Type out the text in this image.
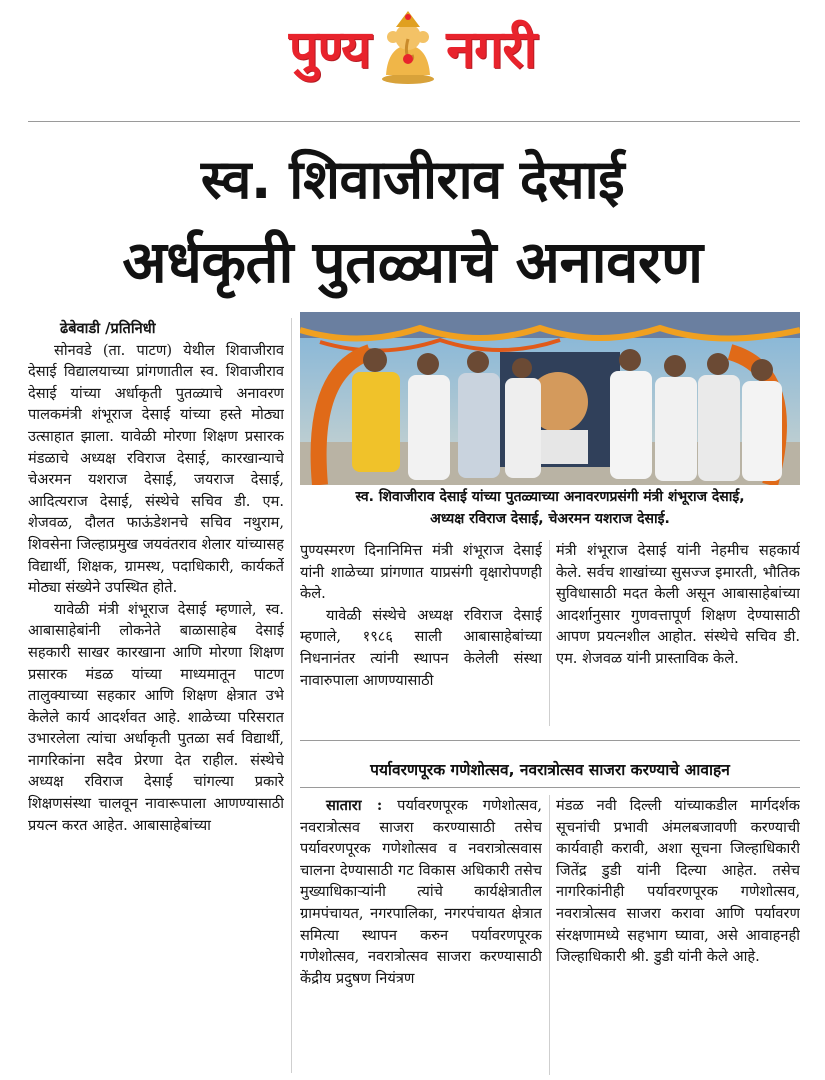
पुण्य नगरी
स्व. शिवाजीराव देसाई
अर्धकृती पुतळ्याचे अनावरण

ढेबेवाडी /प्रतिनिधी

सोनवडे (ता. पाटण) येथील शिवाजीराव देसाई विद्यालयाच्या प्रांगणातील स्व. शिवाजीराव देसाई यांच्या अर्धाकृती पुतळ्याचे अनावरण पालकमंत्री शंभूराज देसाई यांच्या हस्ते मोठ्या उत्साहात झाला. यावेळी मोरणा शिक्षण प्रसारक मंडळाचे अध्यक्ष रविराज देसाई, कारखान्याचे चेअरमन यशराज देसाई, जयराज देसाई, आदित्यराज देसाई, संस्थेचे सचिव डी. एम. शेजवळ, दौलत फाऊंडेशनचे सचिव नथुराम, शिवसेना जिल्हाप्रमुख जयवंतराव शेलार यांच्यासह विद्यार्थी, शिक्षक, ग्रामस्थ, पदाधिकारी, कार्यकर्ते मोठ्या संख्येने उपस्थित होते.

यावेळी मंत्री शंभूराज देसाई म्हणाले, स्व. आबासाहेबांनी लोकनेते बाळासाहेब देसाई सहकारी साखर कारखाना आणि मोरणा शिक्षण प्रसारक मंडळ यांच्या माध्यमातून पाटण तालुक्याच्या सहकार आणि शिक्षण क्षेत्रात उभे केलेले कार्य आदर्शवत आहे. शाळेच्या परिसरात उभारलेला त्यांचा अर्धाकृती पुतळा सर्व विद्यार्थी, नागरिकांना सदैव प्रेरणा देत राहील. संस्थेचे अध्यक्ष रविराज देसाई चांगल्या प्रकारे शिक्षणसंस्था चालवून नावारूपाला आणण्यासाठी प्रयत्न करत आहेत. आबासाहेबांच्या

स्व. शिवाजीराव देसाई यांच्या पुतळ्याच्या अनावरणप्रसंगी मंत्री शंभूराज देसाई,
अध्यक्ष रविराज देसाई, चेअरमन यशराज देसाई.

पुण्यस्मरण दिनानिमित्त मंत्री शंभूराज देसाई यांनी शाळेच्या प्रांगणात याप्रसंगी वृक्षारोपणही केले.

यावेळी संस्थेचे अध्यक्ष रविराज देसाई म्हणाले, १९८६ साली आबासाहेबांच्या निधनानंतर त्यांनी स्थापन केलेली संस्था नावारुपाला आणण्यासाठी

मंत्री शंभूराज देसाई यांनी नेहमीच सहकार्य केले. सर्वच शाखांच्या सुसज्ज इमारती, भौतिक सुविधासाठी मदत केली असून आबासाहेबांच्या आदर्शानुसार गुणवत्तापूर्ण शिक्षण देण्यासाठी आपण प्रयत्नशील आहोत. संस्थेचे सचिव डी. एम. शेजवळ यांनी प्रास्ताविक केले.

पर्यावरणपूरक गणेशोत्सव, नवरात्रोत्सव साजरा करण्याचे आवाहन

सातारा : पर्यावरणपूरक गणेशोत्सव, नवरात्रोत्सव साजरा करण्यासाठी तसेच पर्यावरणपूरक गणेशोत्सव व नवरात्रोत्सवास चालना देण्यासाठी गट विकास अधिकारी तसेच मुख्याधिकाऱ्यांनी त्यांचे कार्यक्षेत्रातील ग्रामपंचायत, नगरपालिका, नगरपंचायत क्षेत्रात समित्या स्थापन करुन पर्यावरणपूरक गणेशोत्सव, नवरात्रोत्सव साजरा करण्यासाठी केंद्रीय प्रदुषण नियंत्रण

मंडळ नवी दिल्ली यांच्याकडील मार्गदर्शक सूचनांची प्रभावी अंमलबजावणी करण्याची कार्यवाही करावी, अशा सूचना जिल्हाधिकारी जितेंद्र डुडी यांनी दिल्या आहेत. तसेच नागरिकांनीही पर्यावरणपूरक गणेशोत्सव, नवरात्रोत्सव साजरा करावा आणि पर्यावरण संरक्षणामध्ये सहभाग घ्यावा, असे आवाहनही जिल्हाधिकारी श्री. डुडी यांनी केले आहे.
